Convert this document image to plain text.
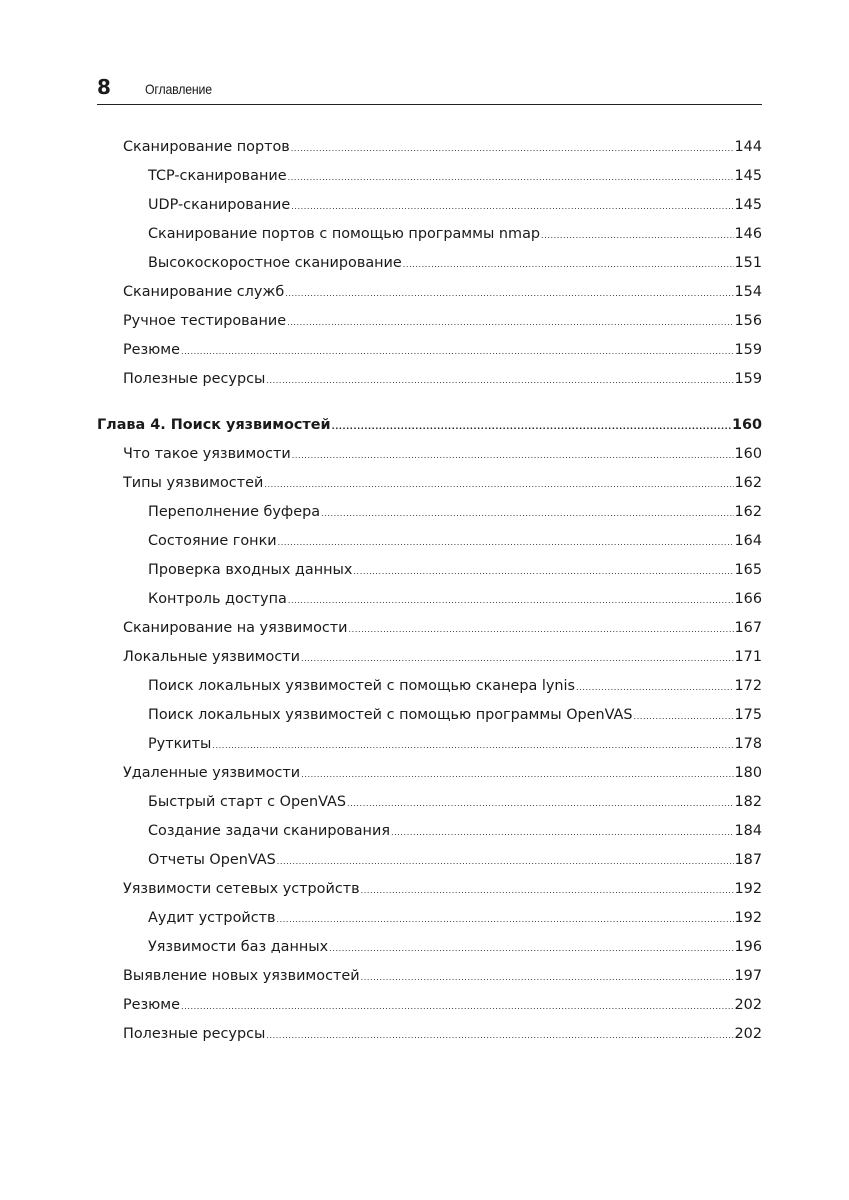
8 Оглавление
Сканирование портов .....	144
TCP-сканирование .....	145
UDP-сканирование .....	145
Сканирование портов с помощью программы nmap .....	146
Высокоскоростное сканирование .....	151
Сканирование служб .....	154
Ручное тестирование .....	156
Резюме .....	159
Полезные ресурсы .....	159
Глава 4. Поиск уязвимостей .....	160
Что такое уязвимости .....	160
Типы уязвимостей .....	162
Переполнение буфера .....	162
Состояние гонки .....	164
Проверка входных данных .....	165
Контроль доступа .....	166
Сканирование на уязвимости .....	167
Локальные уязвимости .....	171
Поиск локальных уязвимостей с помощью сканера lynis .....	172
Поиск локальных уязвимостей с помощью программы OpenVAS .....	175
Руткиты .....	178
Удаленные уязвимости .....	180
Быстрый старт с OpenVAS .....	182
Создание задачи сканирования .....	184
Отчеты OpenVAS .....	187
Уязвимости сетевых устройств .....	192
Аудит устройств .....	192
Уязвимости баз данных .....	196
Выявление новых уязвимостей .....	197
Резюме .....	202
Полезные ресурсы .....	202
